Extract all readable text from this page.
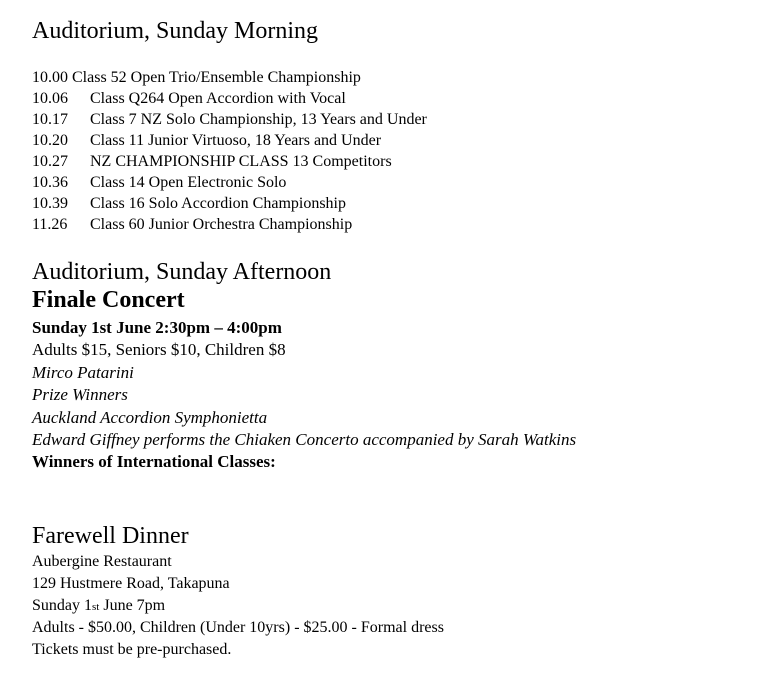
Auditorium, Sunday Morning
10.00 Class 52 Open Trio/Ensemble Championship
10.06	Class Q264 Open Accordion with Vocal
10.17	Class 7 NZ Solo Championship, 13 Years and Under
10.20	Class 11 Junior Virtuoso, 18 Years and Under
10.27	NZ CHAMPIONSHIP CLASS 13 Competitors
10.36	Class 14 Open Electronic Solo
10.39	Class 16 Solo Accordion Championship
11.26	Class 60 Junior Orchestra Championship
Auditorium, Sunday Afternoon
Finale Concert
Sunday 1st June 2:30pm – 4:00pm
Adults $15, Seniors $10, Children $8
Mirco Patarini
Prize Winners
Auckland Accordion Symphonietta
Edward Giffney performs the Chiaken Concerto accompanied by Sarah Watkins
Winners of International Classes:
Farewell Dinner
Aubergine Restaurant
129 Hustmere Road, Takapuna
Sunday 1st June 7pm
Adults - $50.00, Children (Under 10yrs) - $25.00 - Formal dress
Tickets must be pre-purchased.
